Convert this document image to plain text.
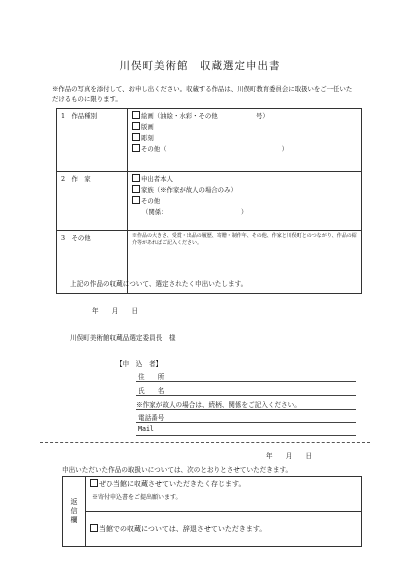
川俣町美術館　収蔵選定申出書
※作品の写真を添付して、お申し出ください。収蔵する作品は、川俣町教育委員会に取扱いをご一任いただけるものに限ります。
1　作品種別	絵画（油絵・水彩・その他　　　　　　号）
版画
彫刻
その他（　　　　　　　　　　　　　　　　　　）

2　作　家	申出者本人
家族（※作家が故人の場合のみ）
その他
（関係：　　　　　　　　　　　　）

3　その他	※作品の大きさ、受賞・出品の履歴、寄贈・制作年、その他、作家と川俣町とのつながり、作品の紹介等があればご記入ください。
上記の作品の収蔵について、選定されたく申出いたします。
年　　月　　日
川俣町美術館収蔵品選定委員長　様
【申　込　者】
住　　所
氏　　名
※作家が故人の場合は、続柄、関係をご記入ください。
電話番号
Mail
年　　月　　日
申出いただいた作品の取扱いについては、次のとおりとさせていただきます。
返信欄	
ぜひ当館に収蔵させていただきたく存じます。
※寄付申込書をご提出願います。

当館での収蔵については、辞退させていただきます。
